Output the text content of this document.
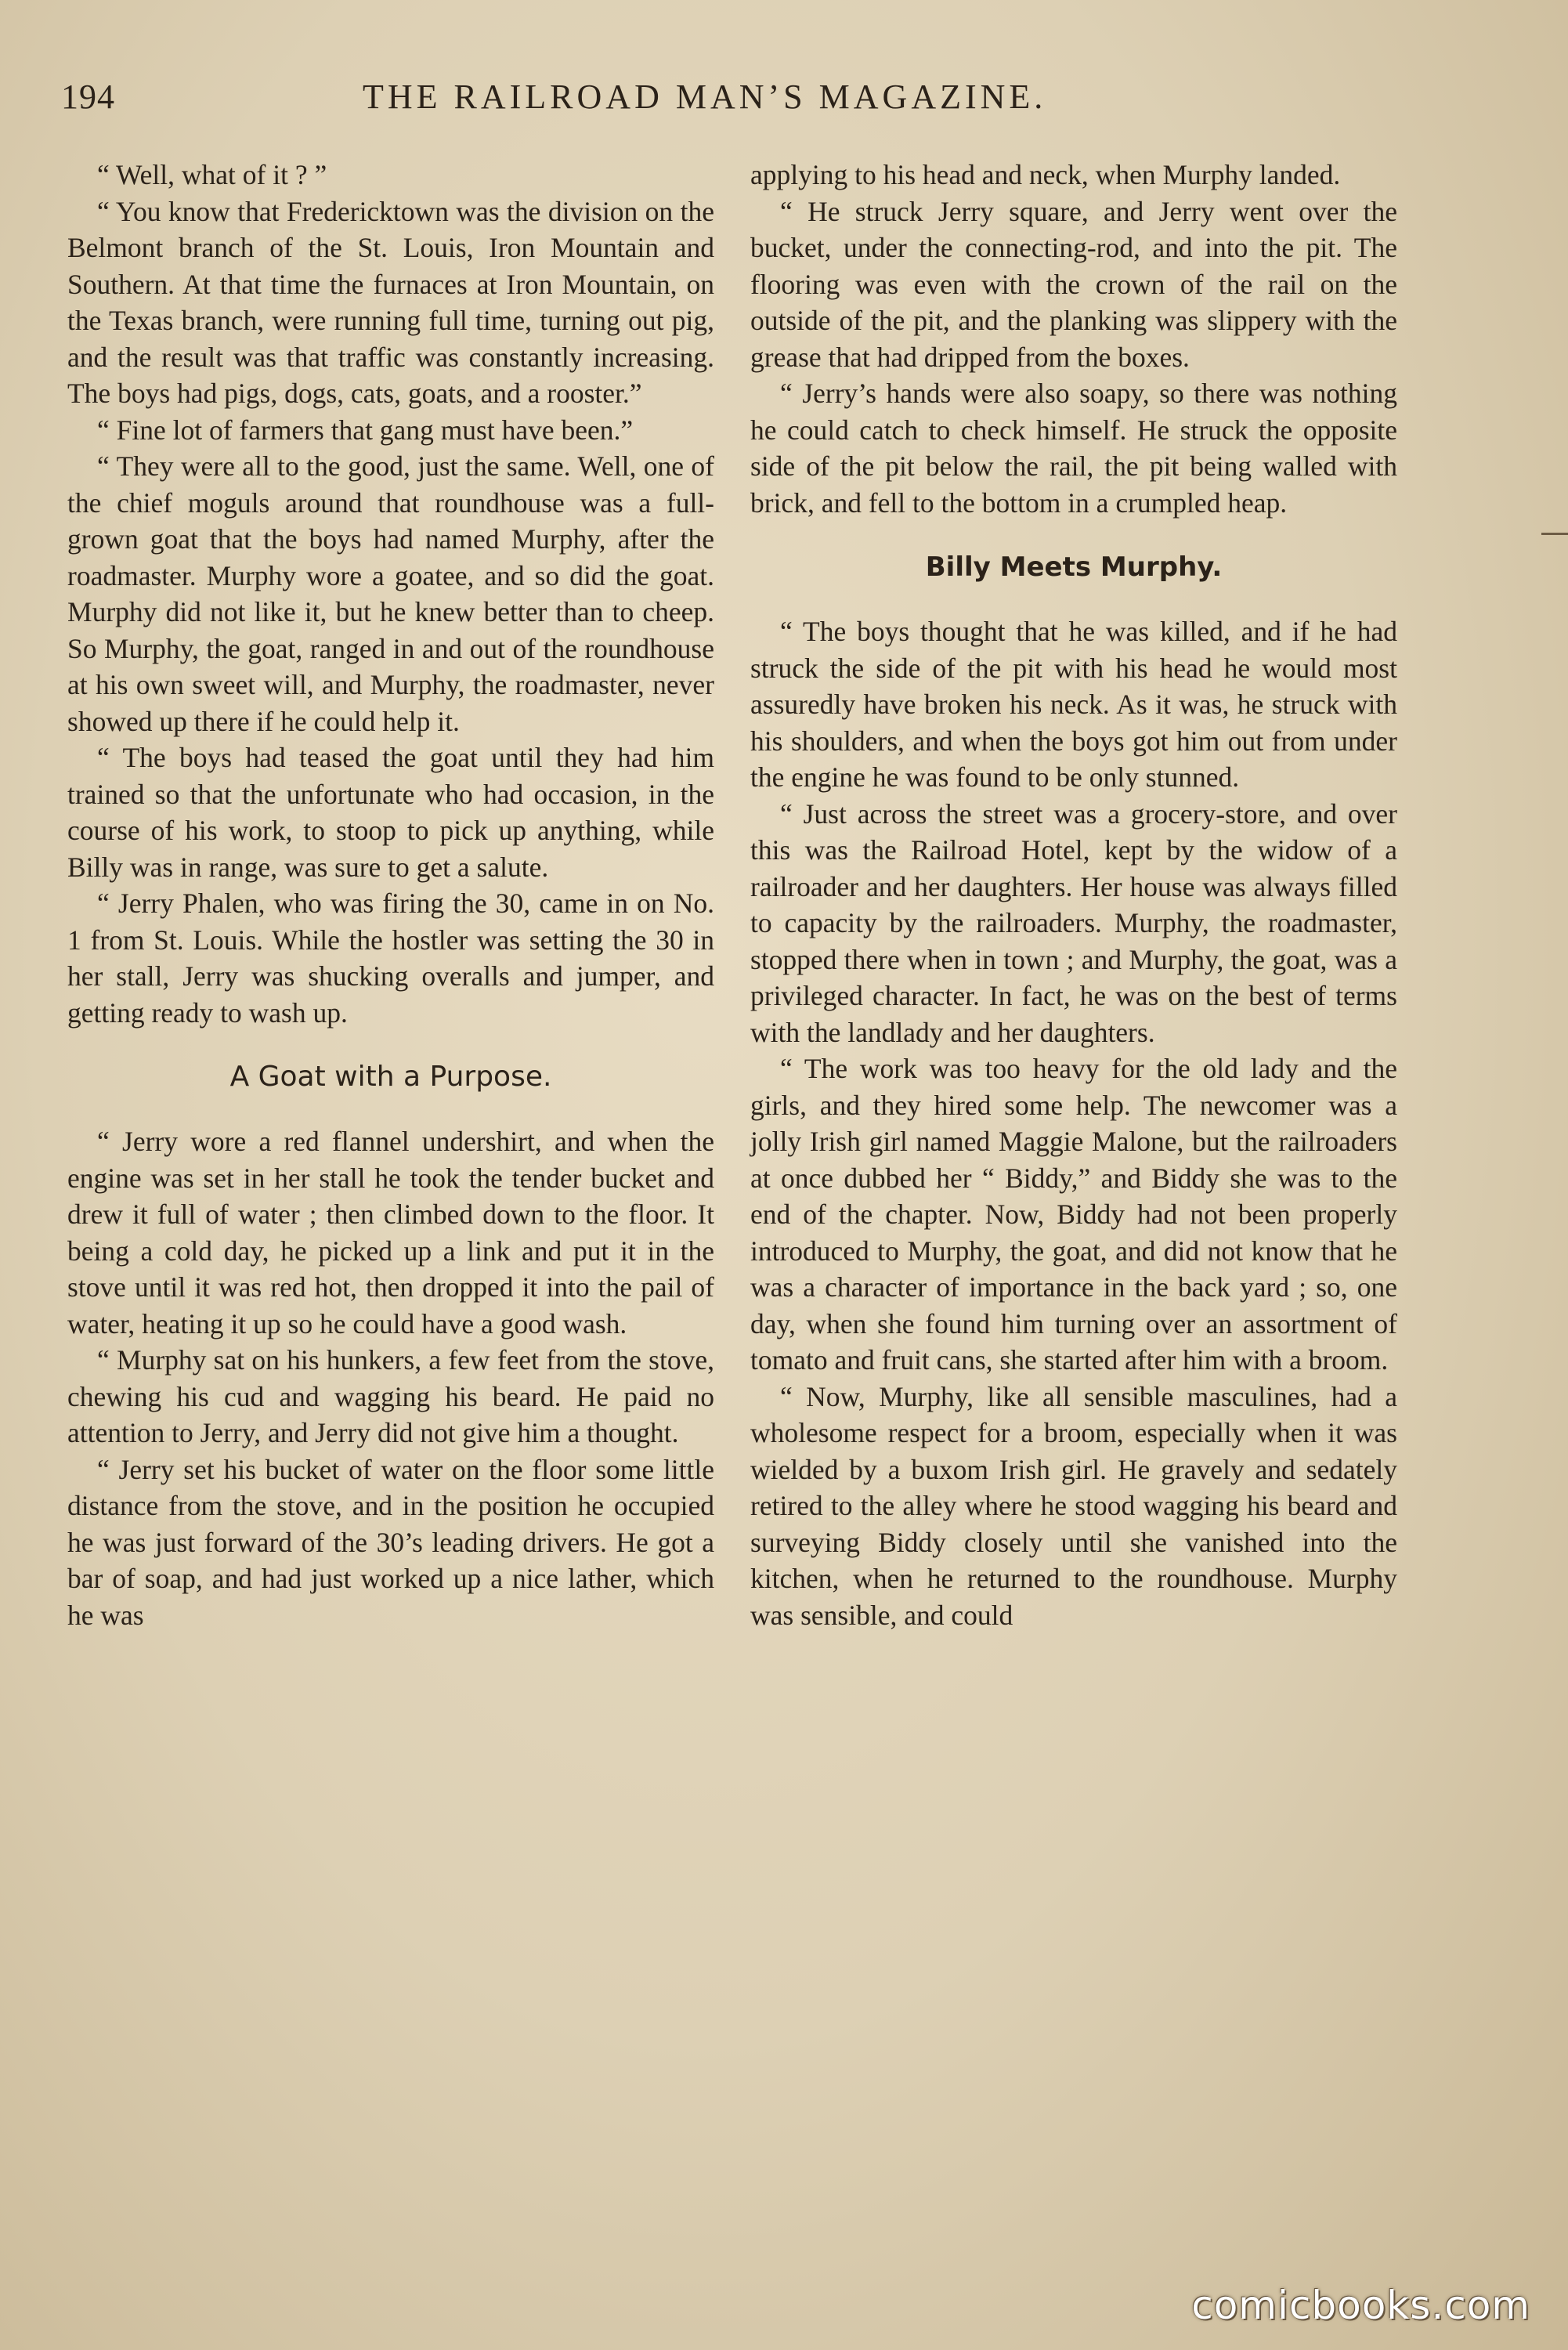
194	THE RAILROAD MAN’S MAGAZINE.

“ Well, what of it ? ”

“ You know that Fredericktown was the division on the Belmont branch of the St. Louis, Iron Mountain and Southern. At that time the furnaces at Iron Mountain, on the Texas branch, were running full time, turning out pig, and the result was that traffic was constantly increasing. The boys had pigs, dogs, cats, goats, and a rooster.”

“ Fine lot of farmers that gang must have been.”

“ They were all to the good, just the same. Well, one of the chief moguls around that roundhouse was a full-grown goat that the boys had named Murphy, after the roadmaster. Murphy wore a goatee, and so did the goat. Murphy did not like it, but he knew better than to cheep. So Murphy, the goat, ranged in and out of the roundhouse at his own sweet will, and Murphy, the roadmaster, never showed up there if he could help it.

“ The boys had teased the goat until they had him trained so that the unfortunate who had occasion, in the course of his work, to stoop to pick up anything, while Billy was in range, was sure to get a salute.

“ Jerry Phalen, who was firing the 30, came in on No. 1 from St. Louis. While the hostler was setting the 30 in her stall, Jerry was shucking overalls and jumper, and getting ready to wash up.

A Goat with a Purpose.

“ Jerry wore a red flannel undershirt, and when the engine was set in her stall he took the tender bucket and drew it full of water ; then climbed down to the floor. It being a cold day, he picked up a link and put it in the stove until it was red hot, then dropped it into the pail of water, heating it up so he could have a good wash.

“ Murphy sat on his hunkers, a few feet from the stove, chewing his cud and wagging his beard. He paid no attention to Jerry, and Jerry did not give him a thought.

“ Jerry set his bucket of water on the floor some little distance from the stove, and in the position he occupied he was just forward of the 30’s leading drivers. He got a bar of soap, and had just worked up a nice lather, which he was

applying to his head and neck, when Murphy landed.

“ He struck Jerry square, and Jerry went over the bucket, under the connecting-rod, and into the pit. The flooring was even with the crown of the rail on the outside of the pit, and the planking was slippery with the grease that had dripped from the boxes.

“ Jerry’s hands were also soapy, so there was nothing he could catch to check himself. He struck the opposite side of the pit below the rail, the pit being walled with brick, and fell to the bottom in a crumpled heap.

Billy Meets Murphy.

“ The boys thought that he was killed, and if he had struck the side of the pit with his head he would most assuredly have broken his neck. As it was, he struck with his shoulders, and when the boys got him out from under the engine he was found to be only stunned.

“ Just across the street was a grocery-store, and over this was the Railroad Hotel, kept by the widow of a railroader and her daughters. Her house was always filled to capacity by the railroaders. Murphy, the roadmaster, stopped there when in town ; and Murphy, the goat, was a privileged character. In fact, he was on the best of terms with the landlady and her daughters.

“ The work was too heavy for the old lady and the girls, and they hired some help. The newcomer was a jolly Irish girl named Maggie Malone, but the railroaders at once dubbed her “ Biddy,” and Biddy she was to the end of the chapter. Now, Biddy had not been properly introduced to Murphy, the goat, and did not know that he was a character of importance in the back yard ; so, one day, when she found him turning over an assortment of tomato and fruit cans, she started after him with a broom.

“ Now, Murphy, like all sensible masculines, had a wholesome respect for a broom, especially when it was wielded by a buxom Irish girl. He gravely and sedately retired to the alley where he stood wagging his beard and surveying Biddy closely until she vanished into the kitchen, when he returned to the roundhouse. Murphy was sensible, and could

comicbooks.com
